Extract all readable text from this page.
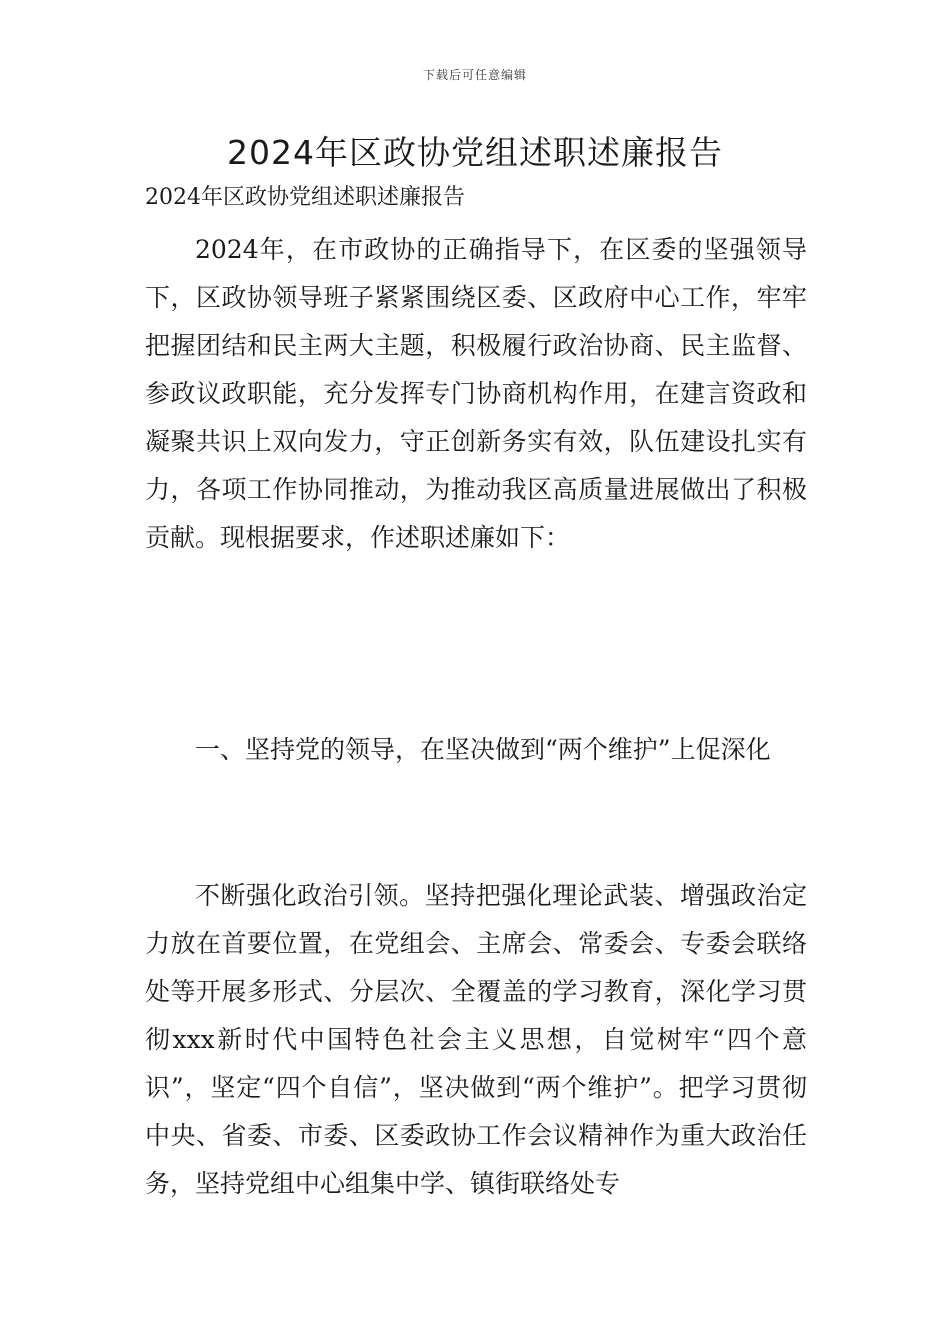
下载后可任意编辑
2024年区政协党组述职述廉报告
2024年区政协党组述职述廉报告

2024年，在市政协的正确指导下，在区委的坚强领导下，区政协领导班子紧紧围绕区委、区政府中心工作，牢牢把握团结和民主两大主题，积极履行政治协商、民主监督、参政议政职能，充分发挥专门协商机构作用，在建言资政和凝聚共识上双向发力，守正创新务实有效，队伍建设扎实有力，各项工作协同推动，为推动我区高质量进展做出了积极贡献。现根据要求，作述职述廉如下：

一、坚持党的领导，在坚决做到“两个维护”上促深化

不断强化政治引领。坚持把强化理论武装、增强政治定力放在首要位置，在党组会、主席会、常委会、专委会联络处等开展多形式、分层次、全覆盖的学习教育，深化学习贯彻xxx新时代中国特色社会主义思想，自觉树牢“四个意识”，坚定“四个自信”，坚决做到“两个维护”。把学习贯彻中央、省委、市委、区委政协工作会议精神作为重大政治任务，坚持党组中心组集中学、镇街联络处专
